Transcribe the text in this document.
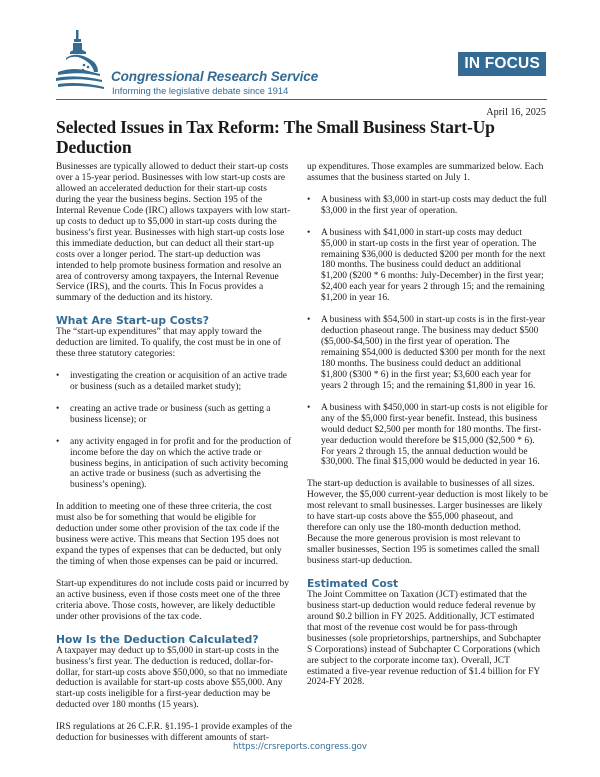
Congressional Research Service
Informing the legislative debate since 1914
IN FOCUS
April 16, 2025
Selected Issues in Tax Reform: The Small Business Start-Up Deduction

Businesses are typically allowed to deduct their start-up costs over a 15-year period. Businesses with low start-up costs are allowed an accelerated deduction for their start-up costs during the year the business begins. Section 195 of the Internal Revenue Code (IRC) allows taxpayers with low start-up costs to deduct up to $5,000 in start-up costs during the business’s first year. Businesses with high start-up costs lose this immediate deduction, but can deduct all their start-up costs over a longer period. The start-up deduction was intended to help promote business formation and resolve an area of controversy among taxpayers, the Internal Revenue Service (IRS), and the courts. This In Focus provides a summary of the deduction and its history.

What Are Start-up Costs?

The “start-up expenditures” that may apply toward the deduction are limited. To qualify, the cost must be in one of these three statutory categories:

• investigating the creation or acquisition of an active trade or business (such as a detailed market study);
• creating an active trade or business (such as getting a business license); or
• any activity engaged in for profit and for the production of income before the day on which the active trade or business begins, in anticipation of such activity becoming an active trade or business (such as advertising the business’s opening).

In addition to meeting one of these three criteria, the cost must also be for something that would be eligible for deduction under some other provision of the tax code if the business were active. This means that Section 195 does not expand the types of expenses that can be deducted, but only the timing of when those expenses can be paid or incurred.

Start-up expenditures do not include costs paid or incurred by an active business, even if those costs meet one of the three criteria above. Those costs, however, are likely deductible under other provisions of the tax code.

How Is the Deduction Calculated?

A taxpayer may deduct up to $5,000 in start-up costs in the business’s first year. The deduction is reduced, dollar-for-dollar, for start-up costs above $50,000, so that no immediate deduction is available for start-up costs above $55,000. Any start-up costs ineligible for a first-year deduction may be deducted over 180 months (15 years).

IRS regulations at 26 C.F.R. §1.195-1 provide examples of the deduction for businesses with different amounts of start-

up expenditures. Those examples are summarized below. Each assumes that the business started on July 1.

• A business with $3,000 in start-up costs may deduct the full $3,000 in the first year of operation.
• A business with $41,000 in start-up costs may deduct $5,000 in start-up costs in the first year of operation. The remaining $36,000 is deducted $200 per month for the next 180 months. The business could deduct an additional $1,200 ($200 * 6 months: July-December) in the first year; $2,400 each year for years 2 through 15; and the remaining $1,200 in year 16.
• A business with $54,500 in start-up costs is in the first-year deduction phaseout range. The business may deduct $500 ($5,000-$4,500) in the first year of operation. The remaining $54,000 is deducted $300 per month for the next 180 months. The business could deduct an additional $1,800 ($300 * 6) in the first year; $3,600 each year for years 2 through 15; and the remaining $1,800 in year 16.
• A business with $450,000 in start-up costs is not eligible for any of the $5,000 first-year benefit. Instead, this business would deduct $2,500 per month for 180 months. The first-year deduction would therefore be $15,000 ($2,500 * 6). For years 2 through 15, the annual deduction would be $30,000. The final $15,000 would be deducted in year 16.

The start-up deduction is available to businesses of all sizes. However, the $5,000 current-year deduction is most likely to be most relevant to small businesses. Larger businesses are likely to have start-up costs above the $55,000 phaseout, and therefore can only use the 180-month deduction method. Because the more generous provision is most relevant to smaller businesses, Section 195 is sometimes called the small business start-up deduction.

Estimated Cost

The Joint Committee on Taxation (JCT) estimated that the business start-up deduction would reduce federal revenue by around $0.2 billion in FY 2025. Additionally, JCT estimated that most of the revenue cost would be for pass-through businesses (sole proprietorships, partnerships, and Subchapter S Corporations) instead of Subchapter C Corporations (which are subject to the corporate income tax). Overall, JCT estimated a five-year revenue reduction of $1.4 billion for FY 2024-FY 2028.

https://crsreports.congress.gov
